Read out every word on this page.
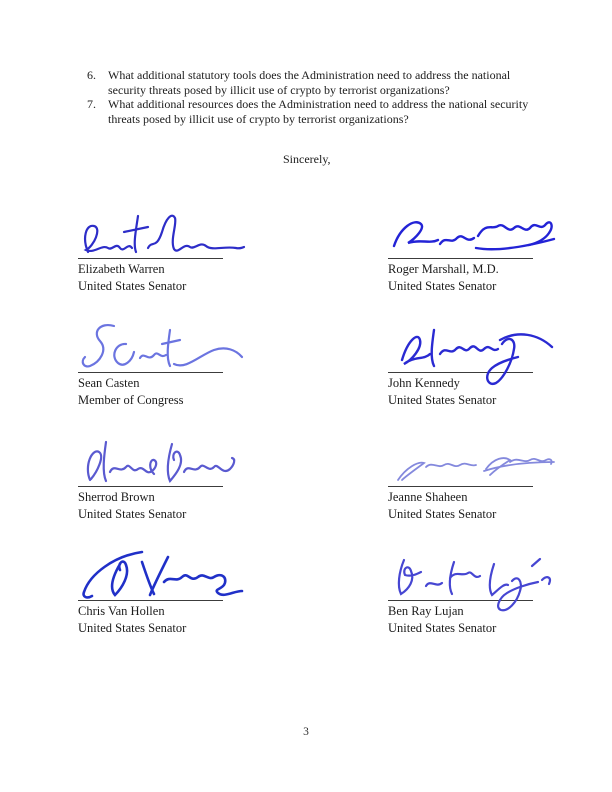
6.	What additional statutory tools does the Administration need to address the national
security threats posed by illicit use of crypto by terrorist organizations?
7.	What additional resources does the Administration need to address the national security
threats posed by illicit use of crypto by terrorist organizations?
Sincerely,
Elizabeth Warren
United States Senator
Roger Marshall, M.D.
United States Senator
Sean Casten
Member of Congress
John Kennedy
United States Senator
Sherrod Brown
United States Senator
Jeanne Shaheen
United States Senator
Chris Van Hollen
United States Senator
Ben Ray Lujan
United States Senator
3
